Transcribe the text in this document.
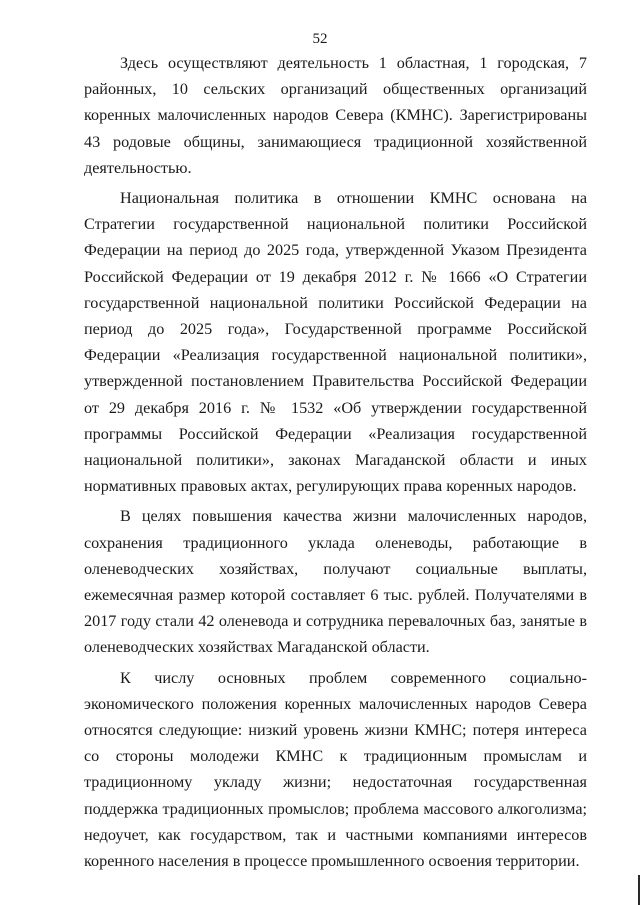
52

Здесь осуществляют деятельность 1 областная, 1 городская, 7 районных, 10 сельских организаций общественных организаций коренных малочисленных народов Севера (КМНС). Зарегистрированы 43 родовые общины, занимающиеся традиционной хозяйственной деятельностью.

Национальная политика в отношении КМНС основана на Стратегии государственной национальной политики Российской Федерации на период до 2025 года, утвержденной Указом Президента Российской Федерации от 19 декабря 2012 г. № 1666 «О Стратегии государственной национальной политики Российской Федерации на период до 2025 года», Государственной программе Российской Федерации «Реализация государственной национальной политики», утвержденной постановлением Правительства Российской Федерации от 29 декабря 2016 г. № 1532 «Об утверждении государственной программы Российской Федерации «Реализация государственной национальной политики», законах Магаданской области и иных нормативных правовых актах, регулирующих права коренных народов.

В целях повышения качества жизни малочисленных народов, сохранения традиционного уклада оленеводы, работающие в оленеводческих хозяйствах, получают социальные выплаты, ежемесячная размер которой составляет 6 тыс. рублей. Получателями в 2017 году стали 42 оленевода и сотрудника перевалочных баз, занятые в оленеводческих хозяйствах Магаданской области.

К числу основных проблем современного социально-экономического положения коренных малочисленных народов Севера относятся следующие: низкий уровень жизни КМНС; потеря интереса со стороны молодежи КМНС к традиционным промыслам и традиционному укладу жизни; недостаточная государственная поддержка традиционных промыслов; проблема массового алкоголизма; недоучет, как государством, так и частными компаниями интересов коренного населения в процессе промышленного освоения территории.
